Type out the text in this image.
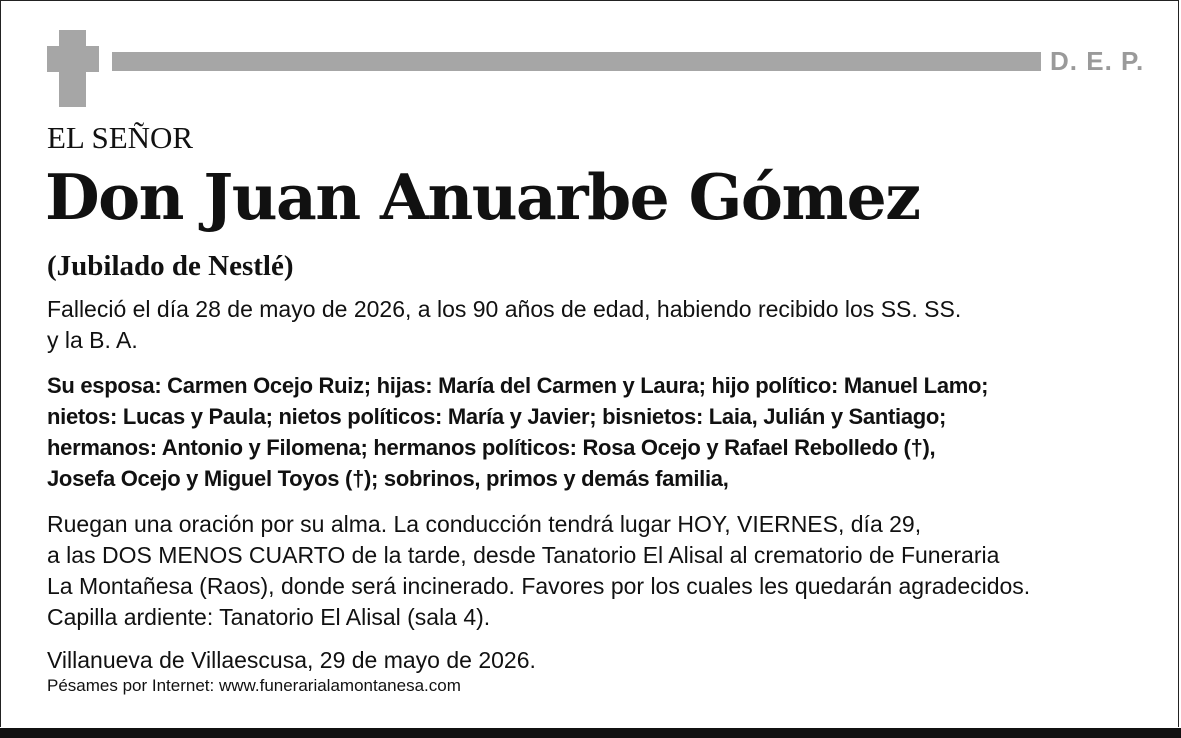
D. E. P.
EL SEÑOR
Don Juan Anuarbe Gómez
(Jubilado de Nestlé)
Falleció el día 28 de mayo de 2026, a los 90 años de edad, habiendo recibido los SS. SS.
y la B. A.
Su esposa: Carmen Ocejo Ruiz; hijas: María del Carmen y Laura; hijo político: Manuel Lamo;
nietos: Lucas y Paula; nietos políticos: María y Javier; bisnietos: Laia, Julián y Santiago;
hermanos: Antonio y Filomena; hermanos políticos: Rosa Ocejo y Rafael Rebolledo (†),
Josefa Ocejo y Miguel Toyos (†); sobrinos, primos y demás familia,
Ruegan una oración por su alma. La conducción tendrá lugar HOY, VIERNES, día 29,
a las DOS MENOS CUARTO de la tarde, desde Tanatorio El Alisal al crematorio de Funeraria
La Montañesa (Raos), donde será incinerado. Favores por los cuales les quedarán agradecidos.
Capilla ardiente: Tanatorio El Alisal (sala 4).
Villanueva de Villaescusa, 29 de mayo de 2026.
Pésames por Internet: www.funerarialamontanesa.com
